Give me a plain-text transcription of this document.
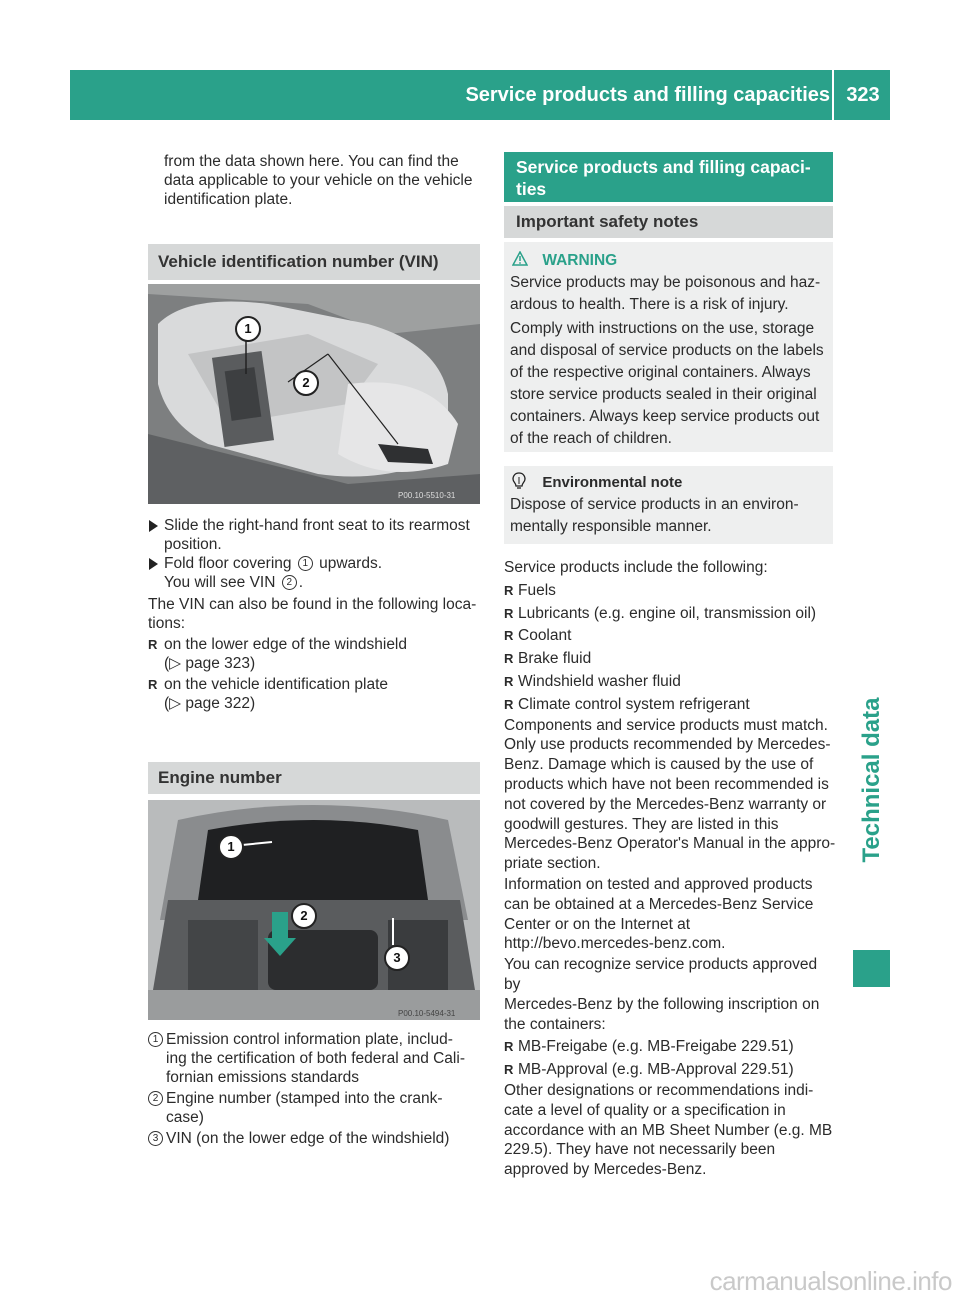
Service products and filling capacities 323
Technical data
from the data shown here. You can find the
data applicable to your vehicle on the vehicle
identification plate.
Vehicle identification number (VIN)
P00.10-5510-31
1
2
Slide the right-hand front seat to its rearmost
position.
Fold floor covering 1 upwards.
You will see VIN 2 .
The VIN can also be found in the following loca-
tions:
R on the lower edge of the windshield
(▷ page 323)
R on the vehicle identification plate
(▷ page 322)
Engine number
P00.10-5494-31
1
2
3
1 Emission control information plate, includ-
ing the certification of both federal and Cali-
fornian emissions standards
2 Engine number (stamped into the crank-
case)
3 VIN (on the lower edge of the windshield)
Service products and filling capaci-
ties
Important safety notes
WARNING
Service products may be poisonous and haz-
ardous to health. There is a risk of injury.
Comply with instructions on the use, storage
and disposal of service products on the labels
of the respective original containers. Always
store service products sealed in their original
containers. Always keep service products out
of the reach of children.
Environmental note
Dispose of service products in an environ-
mentally responsible manner.
Service products include the following:
R Fuels
R Lubricants (e.g. engine oil, transmission oil)
R Coolant
R Brake fluid
R Windshield washer fluid
R Climate control system refrigerant
Components and service products must match.
Only use products recommended by Mercedes-
Benz. Damage which is caused by the use of
products which have not been recommended is
not covered by the Mercedes-Benz warranty or
goodwill gestures. They are listed in this
Mercedes-Benz Operator's Manual in the appro-
priate section.
Information on tested and approved products
can be obtained at a Mercedes-Benz Service
Center or on the Internet at
http://bevo.mercedes-benz.com.
You can recognize service products approved by
Mercedes-Benz by the following inscription on
the containers:
R MB-Freigabe (e.g. MB-Freigabe 229.51)
R MB-Approval (e.g. MB-Approval 229.51)
Other designations or recommendations indi-
cate a level of quality or a specification in
accordance with an MB Sheet Number (e.g. MB
229.5). They have not necessarily been
approved by Mercedes-Benz.
carmanualsonline.info
